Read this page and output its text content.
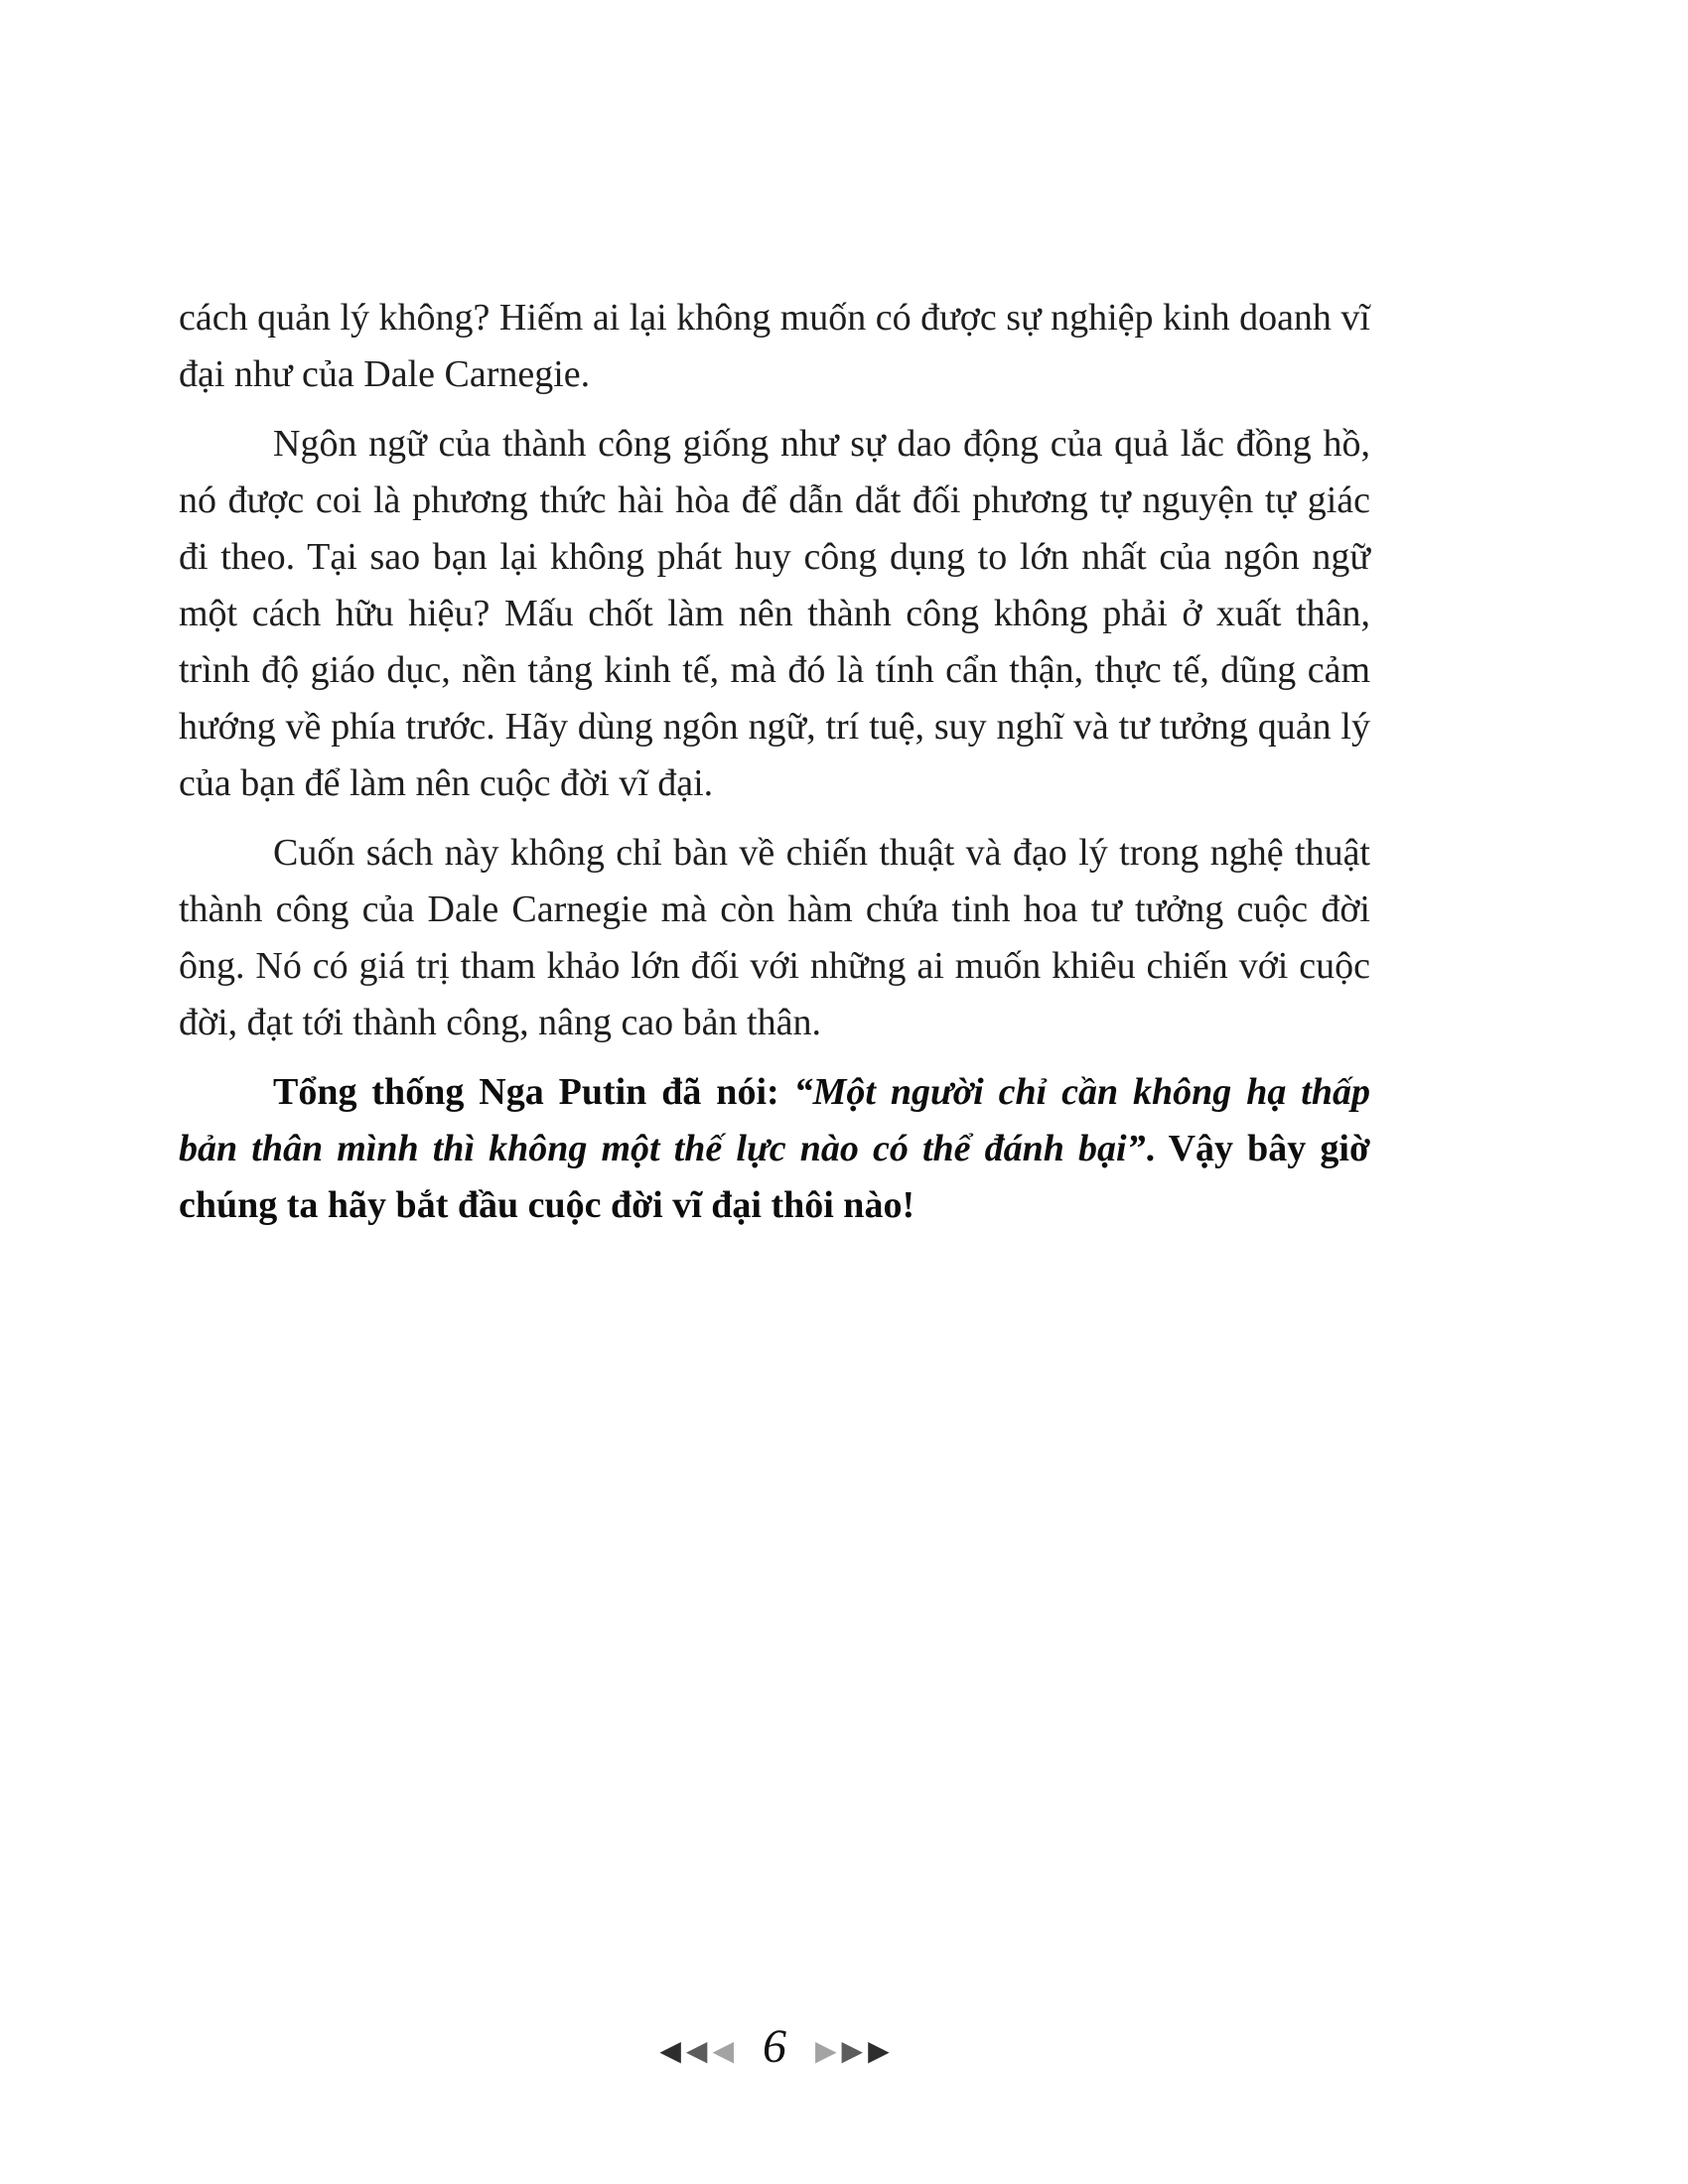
cách quản lý không? Hiếm ai lại không muốn có được sự nghiệp kinh doanh vĩ đại như của Dale Carnegie.

Ngôn ngữ của thành công giống như sự dao động của quả lắc đồng hồ, nó được coi là phương thức hài hòa để dẫn dắt đối phương tự nguyện tự giác đi theo. Tại sao bạn lại không phát huy công dụng to lớn nhất của ngôn ngữ một cách hữu hiệu? Mấu chốt làm nên thành công không phải ở xuất thân, trình độ giáo dục, nền tảng kinh tế, mà đó là tính cẩn thận, thực tế, dũng cảm hướng về phía trước. Hãy dùng ngôn ngữ, trí tuệ, suy nghĩ và tư tưởng quản lý của bạn để làm nên cuộc đời vĩ đại.

Cuốn sách này không chỉ bàn về chiến thuật và đạo lý trong nghệ thuật thành công của Dale Carnegie mà còn hàm chứa tinh hoa tư tưởng cuộc đời ông. Nó có giá trị tham khảo lớn đối với những ai muốn khiêu chiến với cuộc đời, đạt tới thành công, nâng cao bản thân.

Tổng thống Nga Putin đã nói: “Một người chỉ cần không hạ thấp bản thân mình thì không một thế lực nào có thể đánh bại”. Vậy bây giờ chúng ta hãy bắt đầu cuộc đời vĩ đại thôi nào!

◀ ◀ ◀ 6 ▶ ▶ ▶
